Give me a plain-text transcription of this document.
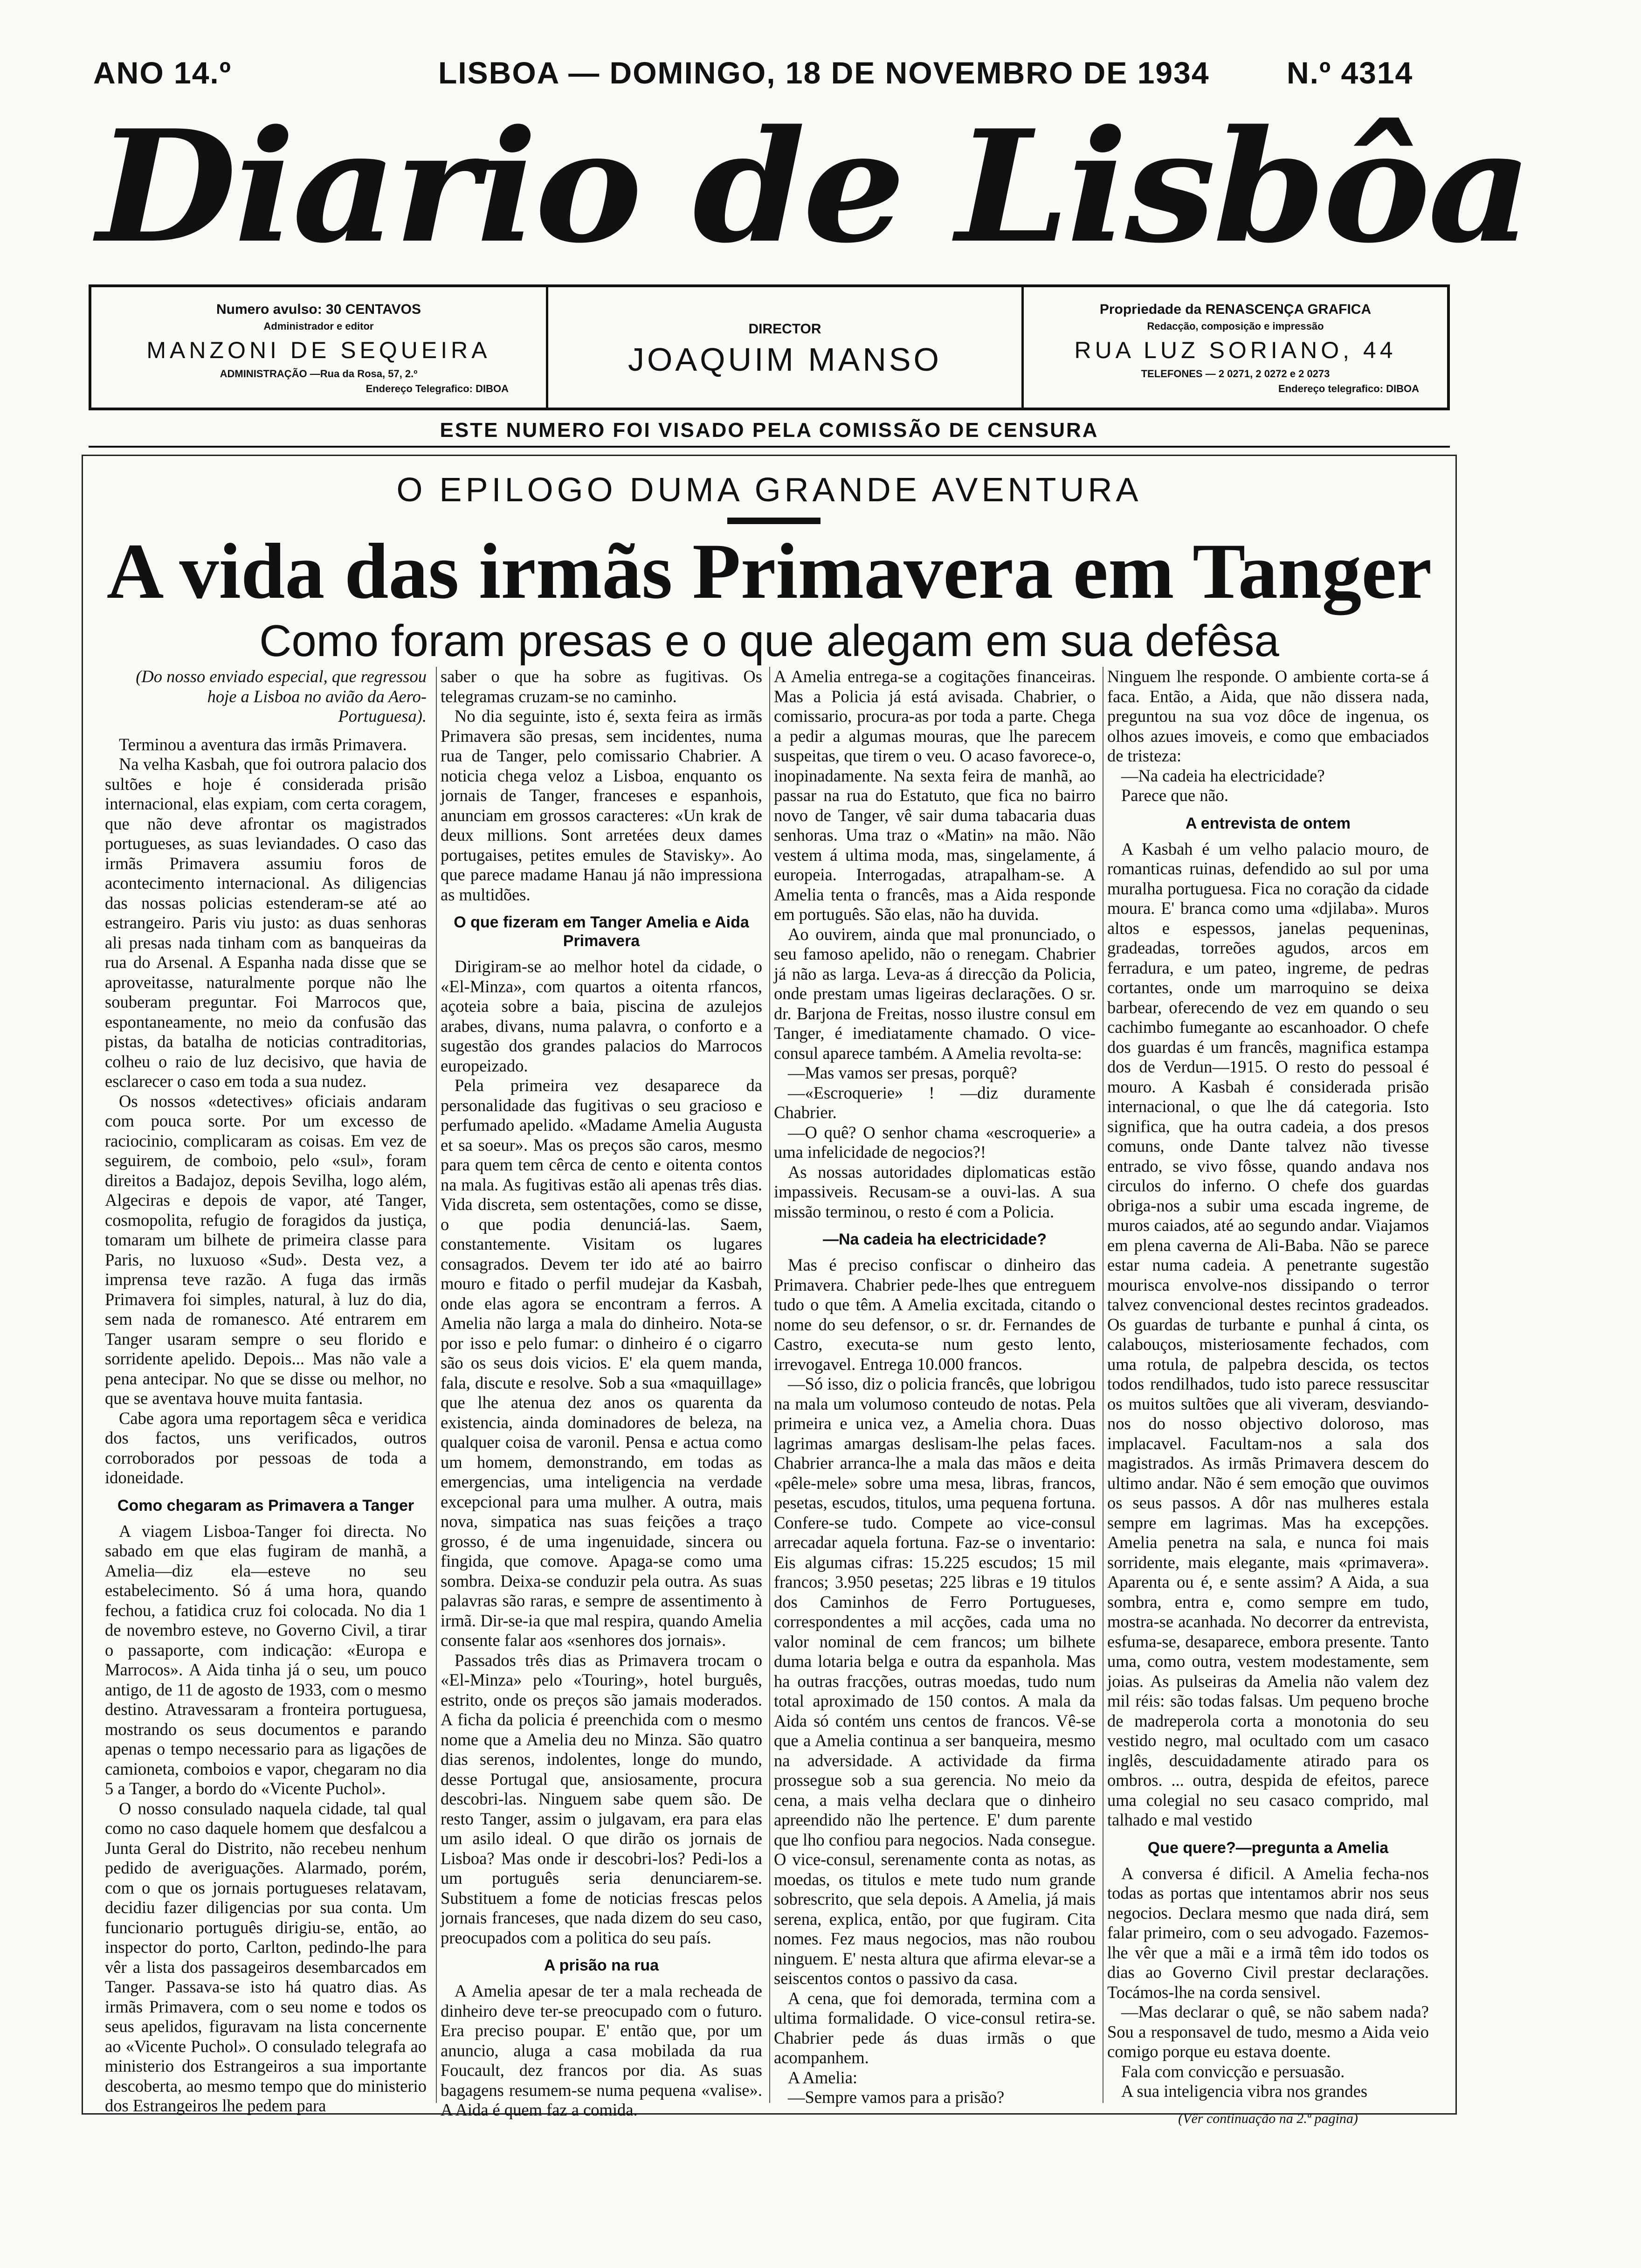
ANO 14.º	LISBOA — DOMINGO, 18 DE NOVEMBRO DE 1934	N.º 4314
Diario de Lisbôa
Numero avulso: 30 CENTAVOS
Administrador e editor
MANZONI DE SEQUEIRA
ADMINISTRAÇÃO —Rua da Rosa, 57, 2.º
Endereço Telegrafico: DIBOA
DIRECTOR
JOAQUIM MANSO
Propriedade da RENASCENÇA GRAFICA
Redacção, composição e impressão
RUA LUZ SORIANO, 44
TELEFONES — 2 0271, 2 0272 e 2 0273
Endereço telegrafico: DIBOA
ESTE NUMERO FOI VISADO PELA COMISSÃO DE CENSURA
O EPILOGO DUMA GRANDE AVENTURA
A vida das irmãs Primavera em Tanger
Como foram presas e o que alegam em sua defêsa

(Do nosso enviado especial, que regressou hoje a Lisboa no avião da Aero-Portuguesa).

Terminou a aventura das irmãs Primavera.

Na velha Kasbah, que foi outrora palacio dos sultões e hoje é considerada prisão internacional, elas expiam, com certa coragem, que não deve afrontar os magistrados portugueses, as suas leviandades. O caso das irmãs Primavera assumiu foros de acontecimento internacional. As diligencias das nossas policias estenderam-se até ao estrangeiro. Paris viu justo: as duas senhoras ali presas nada tinham com as banqueiras da rua do Arsenal. A Espanha nada disse que se aproveitasse, naturalmente porque não lhe souberam preguntar. Foi Marrocos que, espontaneamente, no meio da confusão das pistas, da batalha de noticias contraditorias, colheu o raio de luz decisivo, que havia de esclarecer o caso em toda a sua nudez.

Os nossos «detectives» oficiais andaram com pouca sorte. Por um excesso de raciocinio, complicaram as coisas. Em vez de seguirem, de comboio, pelo «sul», foram direitos a Badajoz, depois Sevilha, logo além, Algeciras e depois de vapor, até Tanger, cosmopolita, refugio de foragidos da justiça, tomaram um bilhete de primeira classe para Paris, no luxuoso «Sud». Desta vez, a imprensa teve razão. A fuga das irmãs Primavera foi simples, natural, à luz do dia, sem nada de romanesco. Até entrarem em Tanger usaram sempre o seu florido e sorridente apelido. Depois... Mas não vale a pena antecipar. No que se disse ou melhor, no que se aventava houve muita fantasia.

Cabe agora uma reportagem sêca e veridica dos factos, uns verificados, outros corroborados por pessoas de toda a idoneidade.

Como chegaram as Primavera a Tanger

A viagem Lisboa-Tanger foi directa. No sabado em que elas fugiram de manhã, a Amelia—diz ela—esteve no seu estabelecimento. Só á uma hora, quando fechou, a fatidica cruz foi colocada. No dia 1 de novembro esteve, no Governo Civil, a tirar o passaporte, com indicação: «Europa e Marrocos». A Aida tinha já o seu, um pouco antigo, de 11 de agosto de 1933, com o mesmo destino. Atravessaram a fronteira portuguesa, mostrando os seus documentos e parando apenas o tempo necessario para as ligações de camioneta, comboios e vapor, chegaram no dia 5 a Tanger, a bordo do «Vicente Puchol».

O nosso consulado naquela cidade, tal qual como no caso daquele homem que desfalcou a Junta Geral do Distrito, não recebeu nenhum pedido de averiguações. Alarmado, porém, com o que os jornais portugueses relatavam, decidiu fazer diligencias por sua conta. Um funcionario português dirigiu-se, então, ao inspector do porto, Carlton, pedindo-lhe para vêr a lista dos passageiros desembarcados em Tanger. Passava-se isto há quatro dias. As irmãs Primavera, com o seu nome e todos os seus apelidos, figuravam na lista concernente ao «Vicente Puchol». O consulado telegrafa ao ministerio dos Estrangeiros a sua importante descoberta, ao mesmo tempo que do ministerio dos Estrangeiros lhe pedem para

saber o que ha sobre as fugitivas. Os telegramas cruzam-se no caminho.

No dia seguinte, isto é, sexta feira as irmãs Primavera são presas, sem incidentes, numa rua de Tanger, pelo comissario Chabrier. A noticia chega veloz a Lisboa, enquanto os jornais de Tanger, franceses e espanhois, anunciam em grossos caracteres: «Un krak de deux millions. Sont arretées deux dames portugaises, petites emules de Stavisky». Ao que parece madame Hanau já não impressiona as multidões.

O que fizeram em Tanger Amelia e Aida Primavera

Dirigiram-se ao melhor hotel da cidade, o «El-Minza», com quartos a oitenta rfancos, açoteia sobre a baia, piscina de azulejos arabes, divans, numa palavra, o conforto e a sugestão dos grandes palacios do Marrocos europeizado.

Pela primeira vez desaparece da personalidade das fugitivas o seu gracioso e perfumado apelido. «Madame Amelia Augusta et sa soeur». Mas os preços são caros, mesmo para quem tem cêrca de cento e oitenta contos na mala. As fugitivas estão ali apenas três dias. Vida discreta, sem ostentações, como se disse, o que podia denunciá-las. Saem, constantemente. Visitam os lugares consagrados. Devem ter ido até ao bairro mouro e fitado o perfil mudejar da Kasbah, onde elas agora se encontram a ferros. A Amelia não larga a mala do dinheiro. Nota-se por isso e pelo fumar: o dinheiro é o cigarro são os seus dois vicios. E' ela quem manda, fala, discute e resolve. Sob a sua «maquillage» que lhe atenua dez anos os quarenta da existencia, ainda dominadores de beleza, na qualquer coisa de varonil. Pensa e actua como um homem, demonstrando, em todas as emergencias, uma inteligencia na verdade excepcional para uma mulher. A outra, mais nova, simpatica nas suas feições a traço grosso, é de uma ingenuidade, sincera ou fingida, que comove. Apaga-se como uma sombra. Deixa-se conduzir pela outra. As suas palavras são raras, e sempre de assentimento à irmã. Dir-se-ia que mal respira, quando Amelia consente falar aos «senhores dos jornais».

Passados três dias as Primavera trocam o «El-Minza» pelo «Touring», hotel burguês, estrito, onde os preços são jamais moderados. A ficha da policia é preenchida com o mesmo nome que a Amelia deu no Minza. São quatro dias serenos, indolentes, longe do mundo, desse Portugal que, ansiosamente, procura descobri-las. Ninguem sabe quem são. De resto Tanger, assim o julgavam, era para elas um asilo ideal. O que dirão os jornais de Lisboa? Mas onde ir descobri-los? Pedi-los a um português seria denunciarem-se. Substituem a fome de noticias frescas pelos jornais franceses, que nada dizem do seu caso, preocupados com a politica do seu país.

A prisão na rua

A Amelia apesar de ter a mala recheada de dinheiro deve ter-se preocupado com o futuro. Era preciso poupar. E' então que, por um anuncio, aluga a casa mobilada da rua Foucault, dez francos por dia. As suas bagagens resumem-se numa pequena «valise». A Aida é quem faz a comida.

A Amelia entrega-se a cogitações financeiras. Mas a Policia já está avisada. Chabrier, o comissario, procura-as por toda a parte. Chega a pedir a algumas mouras, que lhe parecem suspeitas, que tirem o veu. O acaso favorece-o, inopinadamente. Na sexta feira de manhã, ao passar na rua do Estatuto, que fica no bairro novo de Tanger, vê sair duma tabacaria duas senhoras. Uma traz o «Matin» na mão. Não vestem á ultima moda, mas, singelamente, á europeia. Interrogadas, atrapalham-se. A Amelia tenta o francês, mas a Aida responde em português. São elas, não ha duvida.

Ao ouvirem, ainda que mal pronunciado, o seu famoso apelido, não o renegam. Chabrier já não as larga. Leva-as á direcção da Policia, onde prestam umas ligeiras declarações. O sr. dr. Barjona de Freitas, nosso ilustre consul em Tanger, é imediatamente chamado. O vice-consul aparece também. A Amelia revolta-se:

—Mas vamos ser presas, porquê?

—«Escroquerie» ! —diz duramente Chabrier.

—O quê? O senhor chama «escroquerie» a uma infelicidade de negocios?!

As nossas autoridades diplomaticas estão impassiveis. Recusam-se a ouvi-las. A sua missão terminou, o resto é com a Policia.

—Na cadeia ha electricidade?

Mas é preciso confiscar o dinheiro das Primavera. Chabrier pede-lhes que entreguem tudo o que têm. A Amelia excitada, citando o nome do seu defensor, o sr. dr. Fernandes de Castro, executa-se num gesto lento, irrevogavel. Entrega 10.000 francos.

—Só isso, diz o policia francês, que lobrigou na mala um volumoso conteudo de notas. Pela primeira e unica vez, a Amelia chora. Duas lagrimas amargas deslisam-lhe pelas faces. Chabrier arranca-lhe a mala das mãos e deita «pêle-mele» sobre uma mesa, libras, francos, pesetas, escudos, titulos, uma pequena fortuna. Confere-se tudo. Compete ao vice-consul arrecadar aquela fortuna. Faz-se o inventario: Eis algumas cifras: 15.225 escudos; 15 mil francos; 3.950 pesetas; 225 libras e 19 titulos dos Caminhos de Ferro Portugueses, correspondentes a mil acções, cada uma no valor nominal de cem francos; um bilhete duma lotaria belga e outra da espanhola. Mas ha outras fracções, outras moedas, tudo num total aproximado de 150 contos. A mala da Aida só contém uns centos de francos. Vê-se que a Amelia continua a ser banqueira, mesmo na adversidade. A actividade da firma prossegue sob a sua gerencia. No meio da cena, a mais velha declara que o dinheiro apreendido não lhe pertence. E' dum parente que lho confiou para negocios. Nada consegue. O vice-consul, serenamente conta as notas, as moedas, os titulos e mete tudo num grande sobrescrito, que sela depois. A Amelia, já mais serena, explica, então, por que fugiram. Cita nomes. Fez maus negocios, mas não roubou ninguem. E' nesta altura que afirma elevar-se a seiscentos contos o passivo da casa.

A cena, que foi demorada, termina com a ultima formalidade. O vice-consul retira-se. Chabrier pede ás duas irmãs o que acompanhem.

A Amelia:

—Sempre vamos para a prisão?

Ninguem lhe responde. O ambiente corta-se á faca. Então, a Aida, que não dissera nada, preguntou na sua voz dôce de ingenua, os olhos azues imoveis, e como que embaciados de tristeza:

—Na cadeia ha electricidade?

Parece que não.

A entrevista de ontem

A Kasbah é um velho palacio mouro, de romanticas ruinas, defendido ao sul por uma muralha portuguesa. Fica no coração da cidade moura. E' branca como uma «djilaba». Muros altos e espessos, janelas pequeninas, gradeadas, torreões agudos, arcos em ferradura, e um pateo, ingreme, de pedras cortantes, onde um marroquino se deixa barbear, oferecendo de vez em quando o seu cachimbo fumegante ao escanhoador. O chefe dos guardas é um francês, magnifica estampa dos de Verdun—1915. O resto do pessoal é mouro. A Kasbah é considerada prisão internacional, o que lhe dá categoria. Isto significa, que ha outra cadeia, a dos presos comuns, onde Dante talvez não tivesse entrado, se vivo fôsse, quando andava nos circulos do inferno. O chefe dos guardas obriga-nos a subir uma escada ingreme, de muros caiados, até ao segundo andar. Viajamos em plena caverna de Ali-Baba. Não se parece estar numa cadeia. A penetrante sugestão mourisca envolve-nos dissipando o terror talvez convencional destes recintos gradeados. Os guardas de turbante e punhal á cinta, os calabouços, misteriosamente fechados, com uma rotula, de palpebra descida, os tectos todos rendilhados, tudo isto parece ressuscitar os muitos sultões que ali viveram, desviando-nos do nosso objectivo doloroso, mas implacavel. Facultam-nos a sala dos magistrados. As irmãs Primavera descem do ultimo andar. Não é sem emoção que ouvimos os seus passos. A dôr nas mulheres estala sempre em lagrimas. Mas ha excepções. Amelia penetra na sala, e nunca foi mais sorridente, mais elegante, mais «primavera». Aparenta ou é, e sente assim? A Aida, a sua sombra, entra e, como sempre em tudo, mostra-se acanhada. No decorrer da entrevista, esfuma-se, desaparece, embora presente. Tanto uma, como outra, vestem modestamente, sem joias. As pulseiras da Amelia não valem dez mil réis: são todas falsas. Um pequeno broche de madreperola corta a monotonia do seu vestido negro, mal ocultado com um casaco inglês, descuidadamente atirado para os ombros. ... outra, despida de efeitos, parece uma colegial no seu casaco comprido, mal talhado e mal vestido

Que quere?—pregunta a Amelia

A conversa é dificil. A Amelia fecha-nos todas as portas que intentamos abrir nos seus negocios. Declara mesmo que nada dirá, sem falar primeiro, com o seu advogado. Fazemos-lhe vêr que a mãi e a irmã têm ido todos os dias ao Governo Civil prestar declarações. Tocámos-lhe na corda sensivel.

—Mas declarar o quê, se não sabem nada? Sou a responsavel de tudo, mesmo a Aida veio comigo porque eu estava doente.

Fala com convicção e persuasão.

A sua inteligencia vibra nos grandes

(Vêr continuação na 2.ª pagina)
